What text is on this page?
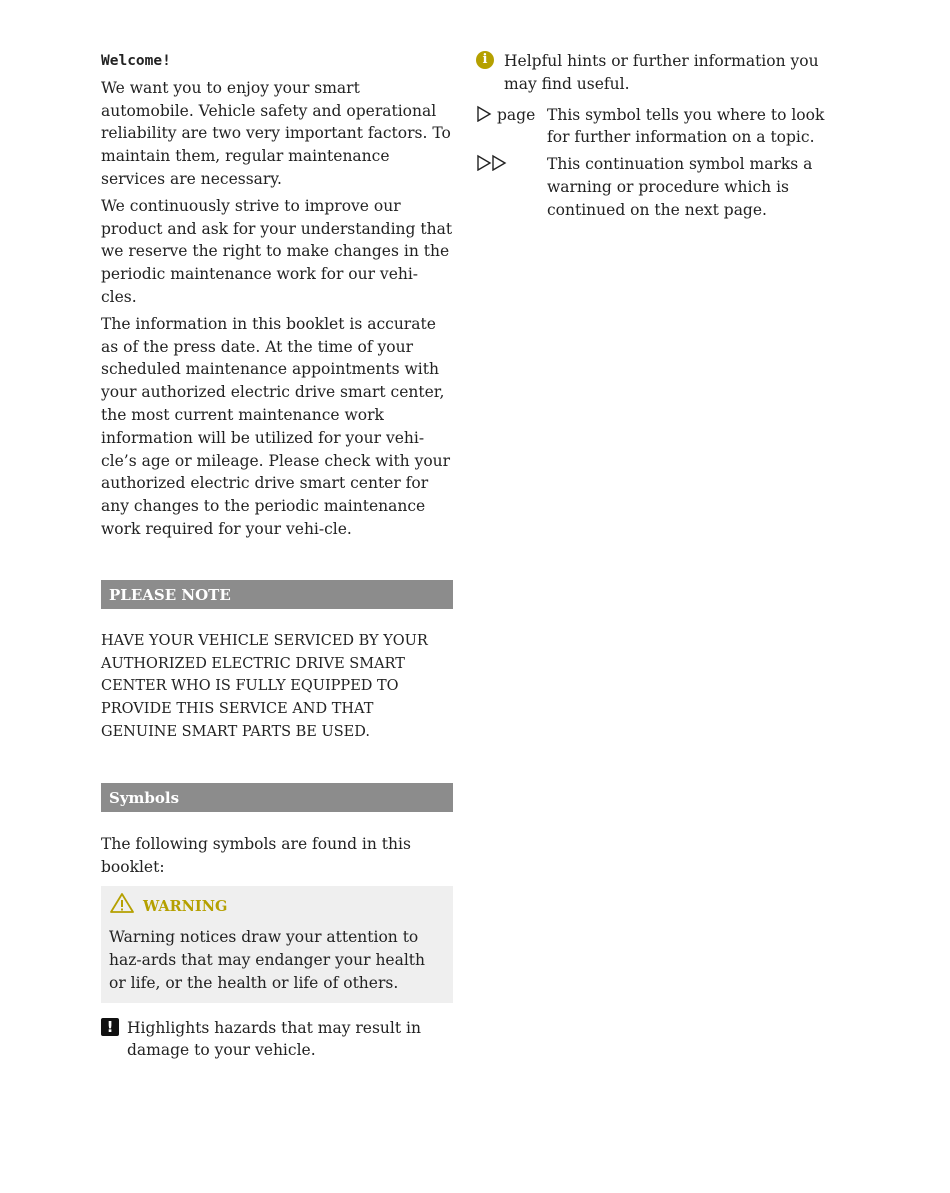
Welcome!

We want you to enjoy your smart automobile. Vehicle safety and operational reliability are two very important factors. To maintain them, regular maintenance services are necessary.

We continuously strive to improve our product and ask for your understanding that we reserve the right to make changes in the periodic maintenance work for our vehi-cles.

The information in this booklet is accurate as of the press date. At the time of your scheduled maintenance appointments with your authorized electric drive smart center, the most current maintenance work information will be utilized for your vehi-cle’s age or mileage. Please check with your authorized electric drive smart center for any changes to the periodic maintenance work required for your vehi-cle.

PLEASE NOTE

HAVE YOUR VEHICLE SERVICED BY YOUR AUTHORIZED ELECTRIC DRIVE SMART CENTER WHO IS FULLY EQUIPPED TO PROVIDE THIS SERVICE AND THAT GENUINE SMART PARTS BE USED.

Symbols

The following symbols are found in this booklet:

WARNING
Warning notices draw your attention to haz-ards that may endanger your health or life, or the health or life of others.
! Highlights hazards that may result in damage to your vehicle.
i	Helpful hints or further information you may find useful.
page This symbol tells you where to look for further information on a topic.
This continuation symbol marks a warning or procedure which is continued on the next page.
